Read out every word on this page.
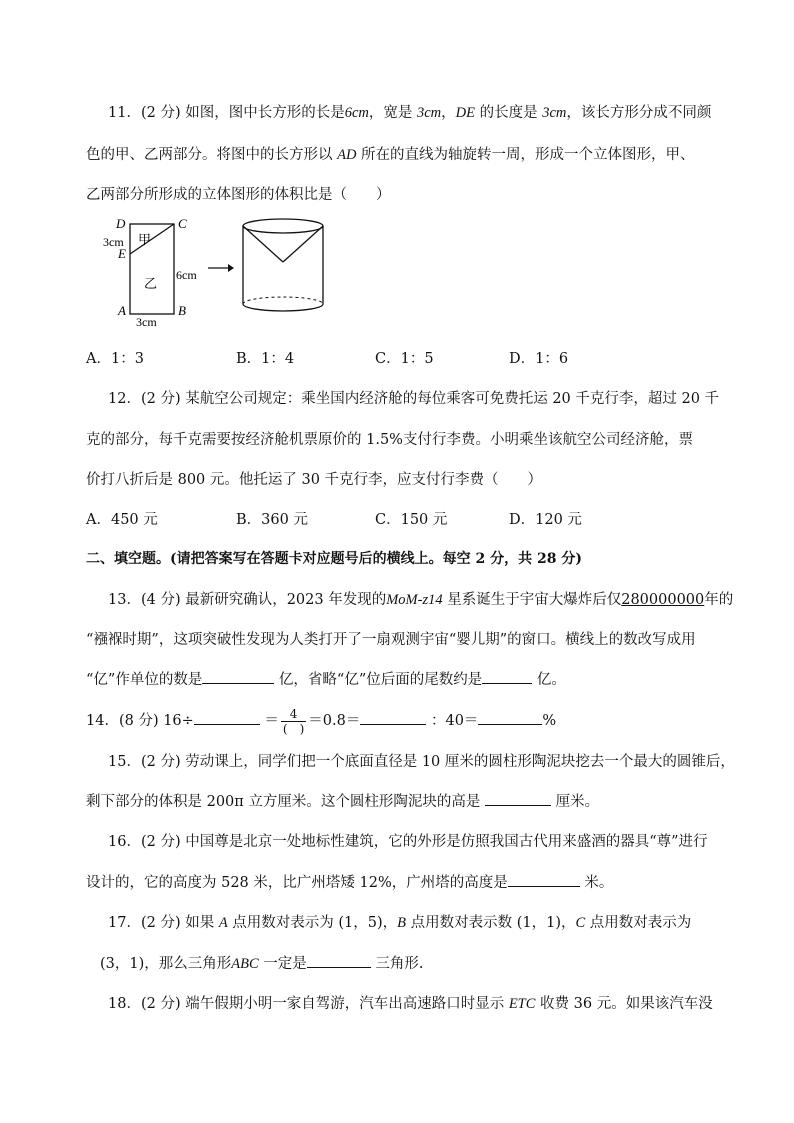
11．(2 分) 如图，图中长方形的长是6cm，宽是 3cm，DE 的长度是 3cm，该长方形分成不同颜
色的甲、乙两部分。将图中的长方形以 AD 所在的直线为轴旋转一周，形成一个立体图形，甲、
乙两部分所形成的立体图形的体积比是（　　）
D	C
E
A	B
3cm
3cm
6cm
甲
乙
A．1：3	B．1：4	C．1：5	D．1：6
12．(2 分) 某航空公司规定：乘坐国内经济舱的每位乘客可免费托运 20 千克行李，超过 20 千
克的部分，每千克需要按经济舱机票原价的 1.5%支付行李费。小明乘坐该航空公司经济舱，票
价打八折后是 800 元。他托运了 30 千克行李，应支付行李费（　　）
A．450 元	B．360 元	C．150 元	D．120 元
二、填空题。(请把答案写在答题卡对应题号后的横线上。每空 2 分，共 28 分)
13．(4 分) 最新研究确认，2023 年发现的MoM-z14 星系诞生于宇宙大爆炸后仅280000000年的
“襁褓时期”，这项突破性发现为人类打开了一扇观测宇宙“婴儿期”的窗口。横线上的数改写成用
“亿”作单位的数是	亿，省略“亿”位后面的尾数约是	亿。
14．(8 分) 16÷	＝ $\frac{4}{( )} =0.8=$	：40＝	%
15．(2 分) 劳动课上，同学们把一个底面直径是 10 厘米的圆柱形陶泥块挖去一个最大的圆锥后，
剩下部分的体积是 200π 立方厘米。这个圆柱形陶泥块的高是	厘米。
16．(2 分) 中国尊是北京一处地标性建筑，它的外形是仿照我国古代用来盛酒的器具“尊”进行
设计的，它的高度为 528 米，比广州塔矮 12%，广州塔的高度是	米。
17．(2 分) 如果 A 点用数对表示为 (1，5)，B 点用数对表示数 (1，1)，C 点用数对表示为
(3，1)，那么三角形ABC 一定是	三角形.
18．(2 分) 端午假期小明一家自驾游，汽车出高速路口时显示 ETC 收费 36 元。如果该汽车没
